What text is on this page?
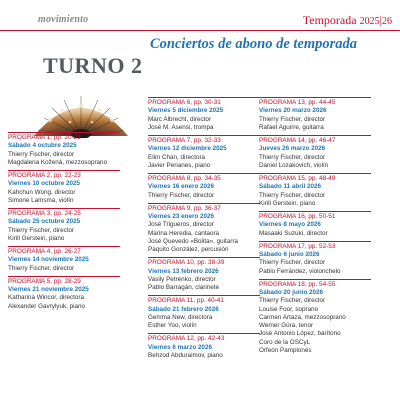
movimiento	Temporada 2025|26
Conciertos de abono de temporada
TURNO 2
PROGRAMA 1, pp. 20-21
Sábado 4 octubre 2025
Thierry Fischer, director
Magdalena Kožená, mezzosoprano
PROGRAMA 2, pp. 22-23
Viernes 10 octubre 2025
Kahchun Wong, director
Simone Lamsma, violín
PROGRAMA 3, pp. 24-25
Sábado 25 octubre 2025
Thierry Fischer, director
Kirill Gerstein, piano
PROGRAMA 4, pp. 26-27
Viernes 14 noviembre 2025
Thierry Fischer, director
PROGRAMA 5, pp. 28-29
Viernes 21 noviembre 2025
Katharina Wincor, directora
Alexander Gavrylyuk, piano
PROGRAMA 6, pp. 30-31
Viernes 5 diciembre 2025
Marc Albrecht, director
José M. Asensi, trompa
PROGRAMA 7, pp. 32-33
Viernes 12 diciembre 2025
Elim Chan, directora
Javier Perianes, piano
PROGRAMA 8, pp. 34-35
Viernes 16 enero 2026
Thierry Fischer, director
PROGRAMA 9, pp. 36-37
Viernes 23 enero 2026
José Trigueros, director
Marina Heredia, cantaora
José Quevedo «Bolita», guitarra
Paquito González, percusión
PROGRAMA 10, pp. 38-39
Viernes 13 febrero 2026
Vasily Petrenko, director
Pablo Barragán, clarinete
PROGRAMA 11, pp. 40-41
Sábado 21 febrero 2026
Gemma New, directora
Esther Yoo, violín
PROGRAMA 12, pp. 42-43
Viernes 6 marzo 2026
Behzod Abduraimov, piano
PROGRAMA 13, pp. 44-45
Viernes 20 marzo 2026
Thierry Fischer, director
Rafael Aguirre, guitarra
PROGRAMA 14, pp. 46-47
Jueves 26 marzo 2026
Thierry Fischer, director
Daniel Lozakovich, violín
PROGRAMA 15, pp. 48-49
Sábado 11 abril 2026
Thierry Fischer, director
Kirill Gerstein, piano
PROGRAMA 16, pp. 50-51
Viernes 8 mayo 2026
Masaaki Suzuki, director
PROGRAMA 17, pp. 52-53
Sábado 6 junio 2026
Thierry Fischer, director
Pablo Ferrández, violonchelo
PROGRAMA 18, pp. 54-55
Sábado 20 junio 2026
Thierry Fischer, director
Louise Foor, soprano
Carmen Artaza, mezzosoprano
Werner Güra, tenor
José Antonio López, barítono
Coro de la OSCyL
Orfeón Pamplonés
